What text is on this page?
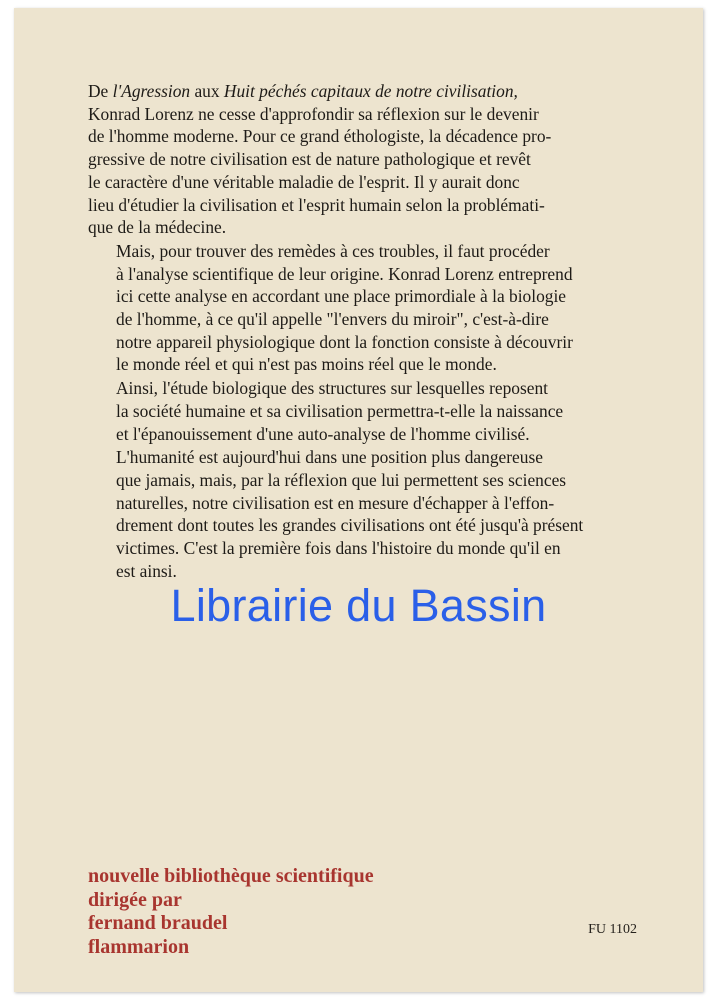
De l'Agression aux Huit péchés capitaux de notre civilisation,
Konrad Lorenz ne cesse d'approfondir sa réflexion sur le devenir
de l'homme moderne. Pour ce grand éthologiste, la décadence pro-
gressive de notre civilisation est de nature pathologique et revêt
le caractère d'une véritable maladie de l'esprit. Il y aurait donc
lieu d'étudier la civilisation et l'esprit humain selon la problémati-
que de la médecine.

Mais, pour trouver des remèdes à ces troubles, il faut procéder
à l'analyse scientifique de leur origine. Konrad Lorenz entreprend
ici cette analyse en accordant une place primordiale à la biologie
de l'homme, à ce qu'il appelle "l'envers du miroir", c'est-à-dire
notre appareil physiologique dont la fonction consiste à découvrir
le monde réel et qui n'est pas moins réel que le monde.

Ainsi, l'étude biologique des structures sur lesquelles reposent
la société humaine et sa civilisation permettra-t-elle la naissance
et l'épanouissement d'une auto-analyse de l'homme civilisé.

L'humanité est aujourd'hui dans une position plus dangereuse
que jamais, mais, par la réflexion que lui permettent ses sciences
naturelles, notre civilisation est en mesure d'échapper à l'effon-
drement dont toutes les grandes civilisations ont été jusqu'à présent
victimes. C'est la première fois dans l'histoire du monde qu'il en
est ainsi.

Librairie du Bassin
nouvelle bibliothèque scientifique
dirigée par
fernand braudel
flammarion
FU 1102
